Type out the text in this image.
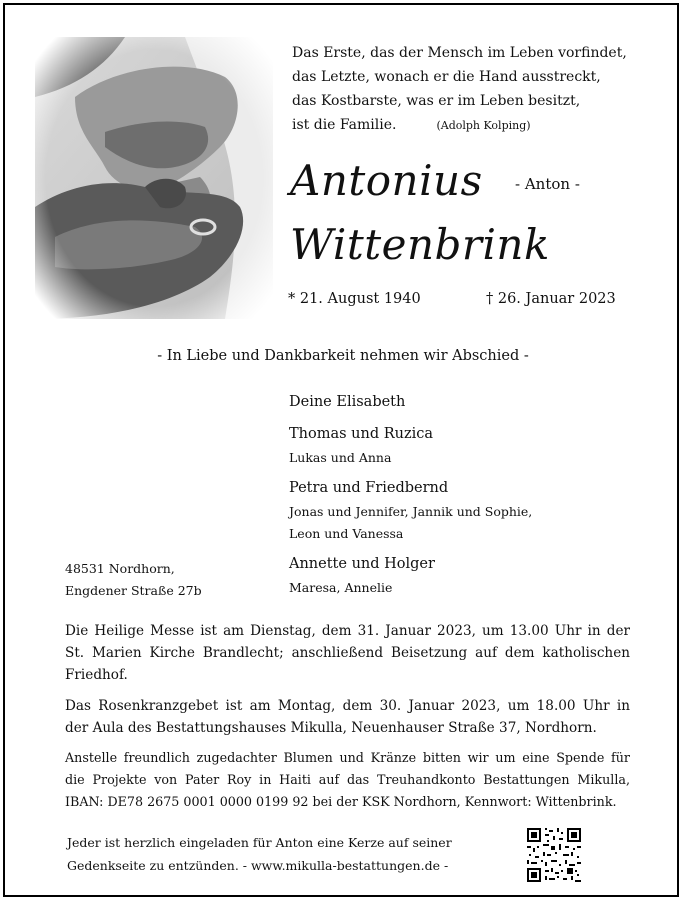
Das Erste, das der Mensch im Leben vorfindet,
das Letzte, wonach er die Hand ausstreckt,
das Kostbarste, was er im Leben besitzt,
ist die Familie.	(Adolph Kolping)
Antonius - Anton -
Wittenbrink
* 21. August 1940	† 26. Januar 2023
- In Liebe und Dankbarkeit nehmen wir Abschied -
Deine Elisabeth
Thomas und Ruzica
Lukas und Anna
Petra und Friedbernd
Jonas und Jennifer, Jannik und Sophie,
Leon und Vanessa
Annette und Holger
Maresa, Annelie
48531 Nordhorn,
Engdener Straße 27b
Die Heilige Messe ist am Dienstag, dem 31. Januar 2023, um 13.00 Uhr in der
St. Marien Kirche Brandlecht; anschließend Beisetzung auf dem katholischen
Friedhof.
Das Rosenkranzgebet ist am Montag, dem 30. Januar 2023, um 18.00 Uhr in
der Aula des Bestattungshauses Mikulla, Neuenhauser Straße 37, Nordhorn.
Anstelle freundlich zugedachter Blumen und Kränze bitten wir um eine Spende für
die Projekte von Pater Roy in Haiti auf das Treuhandkonto Bestattungen Mikulla,
IBAN: DE78 2675 0001 0000 0199 92 bei der KSK Nordhorn, Kennwort: Wittenbrink.
Jeder ist herzlich eingeladen für Anton eine Kerze auf seiner
Gedenkseite zu entzünden. - www.mikulla-bestattungen.de -
